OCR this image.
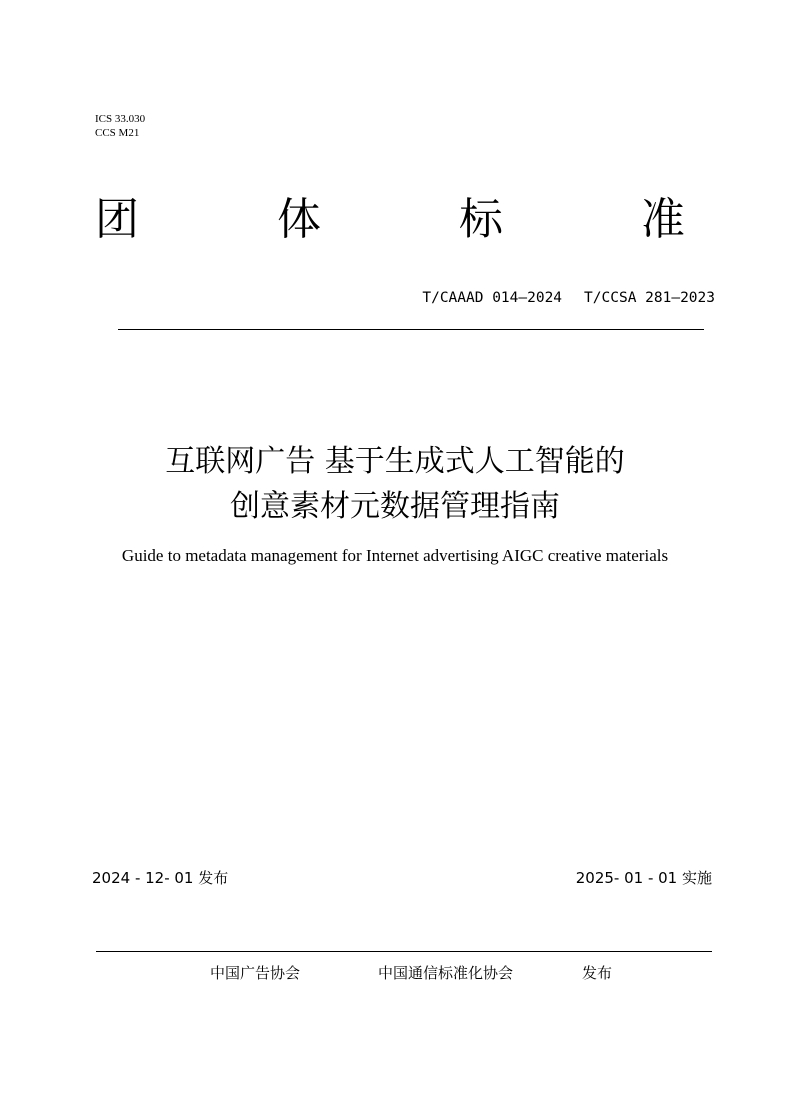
ICS 33.030
CCS M21
团	体	标	准
T/CAAAD 014—2024 T/CCSA 281—2023
互联网广告 基于生成式人工智能的
创意素材元数据管理指南
Guide to metadata management for Internet advertising AIGC creative materials
2024 - 12- 01 发布	2025- 01 - 01 实施
中国广告协会	中国通信标准化协会	发布
